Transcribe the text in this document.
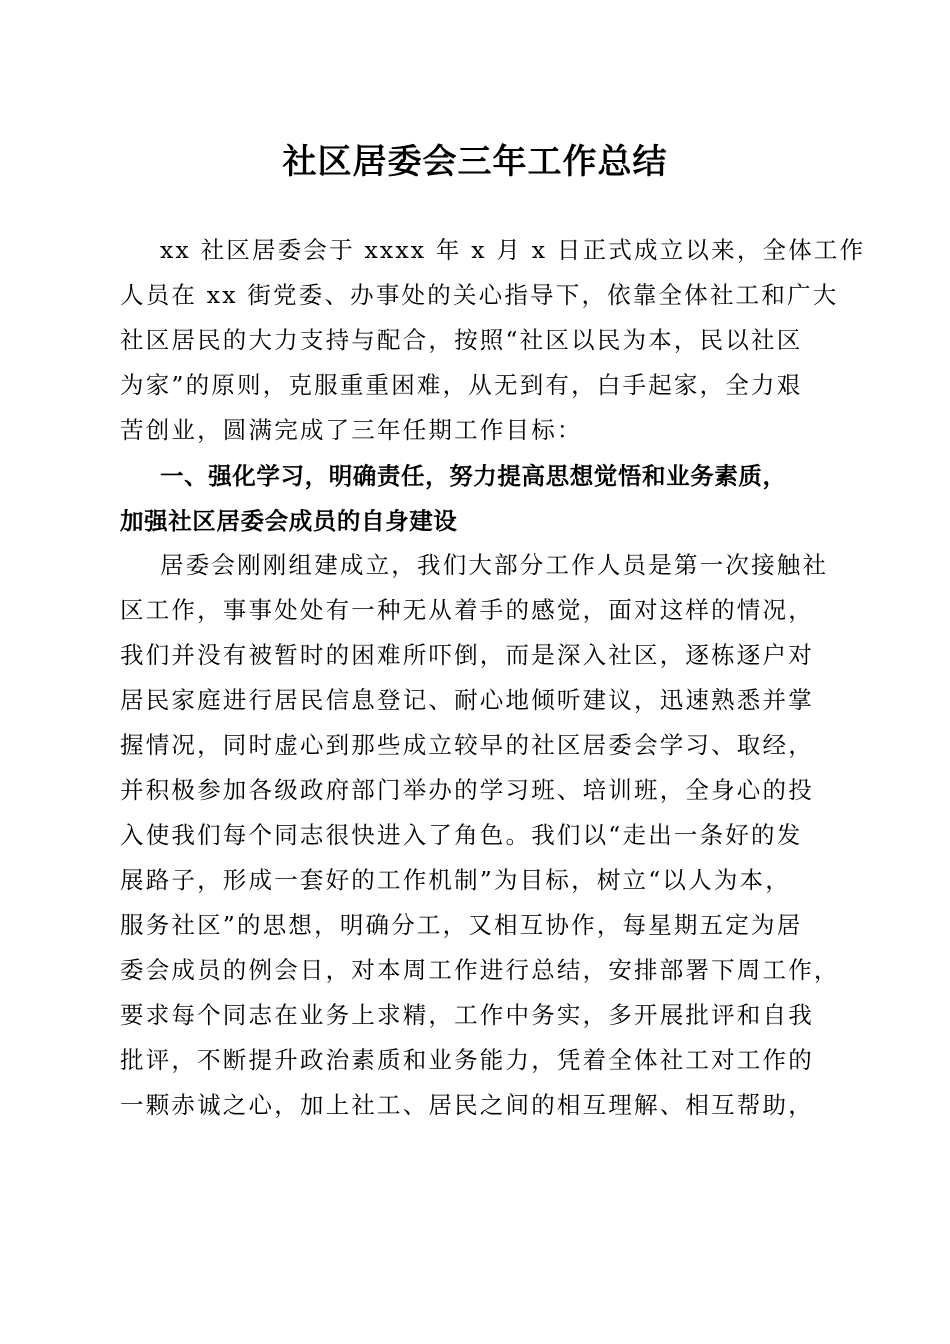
社区居委会三年工作总结
xx 社区居委会于 xxxx 年 x 月 x 日正式成立以来，全体工作
人员在 xx 街党委、办事处的关心指导下，依靠全体社工和广大
社区居民的大力支持与配合，按照“社区以民为本，民以社区
为家”的原则，克服重重困难，从无到有，白手起家，全力艰
苦创业，圆满完成了三年任期工作目标：
一、强化学习，明确责任，努力提高思想觉悟和业务素质，
加强社区居委会成员的自身建设
居委会刚刚组建成立，我们大部分工作人员是第一次接触社
区工作，事事处处有一种无从着手的感觉，面对这样的情况，
我们并没有被暂时的困难所吓倒，而是深入社区，逐栋逐户对
居民家庭进行居民信息登记、耐心地倾听建议，迅速熟悉并掌
握情况，同时虚心到那些成立较早的社区居委会学习、取经，
并积极参加各级政府部门举办的学习班、培训班，全身心的投
入使我们每个同志很快进入了角色。我们以“走出一条好的发
展路子，形成一套好的工作机制”为目标，树立“以人为本，
服务社区”的思想，明确分工，又相互协作，每星期五定为居
委会成员的例会日，对本周工作进行总结，安排部署下周工作，
要求每个同志在业务上求精，工作中务实，多开展批评和自我
批评，不断提升政治素质和业务能力，凭着全体社工对工作的
一颗赤诚之心，加上社工、居民之间的相互理解、相互帮助，
